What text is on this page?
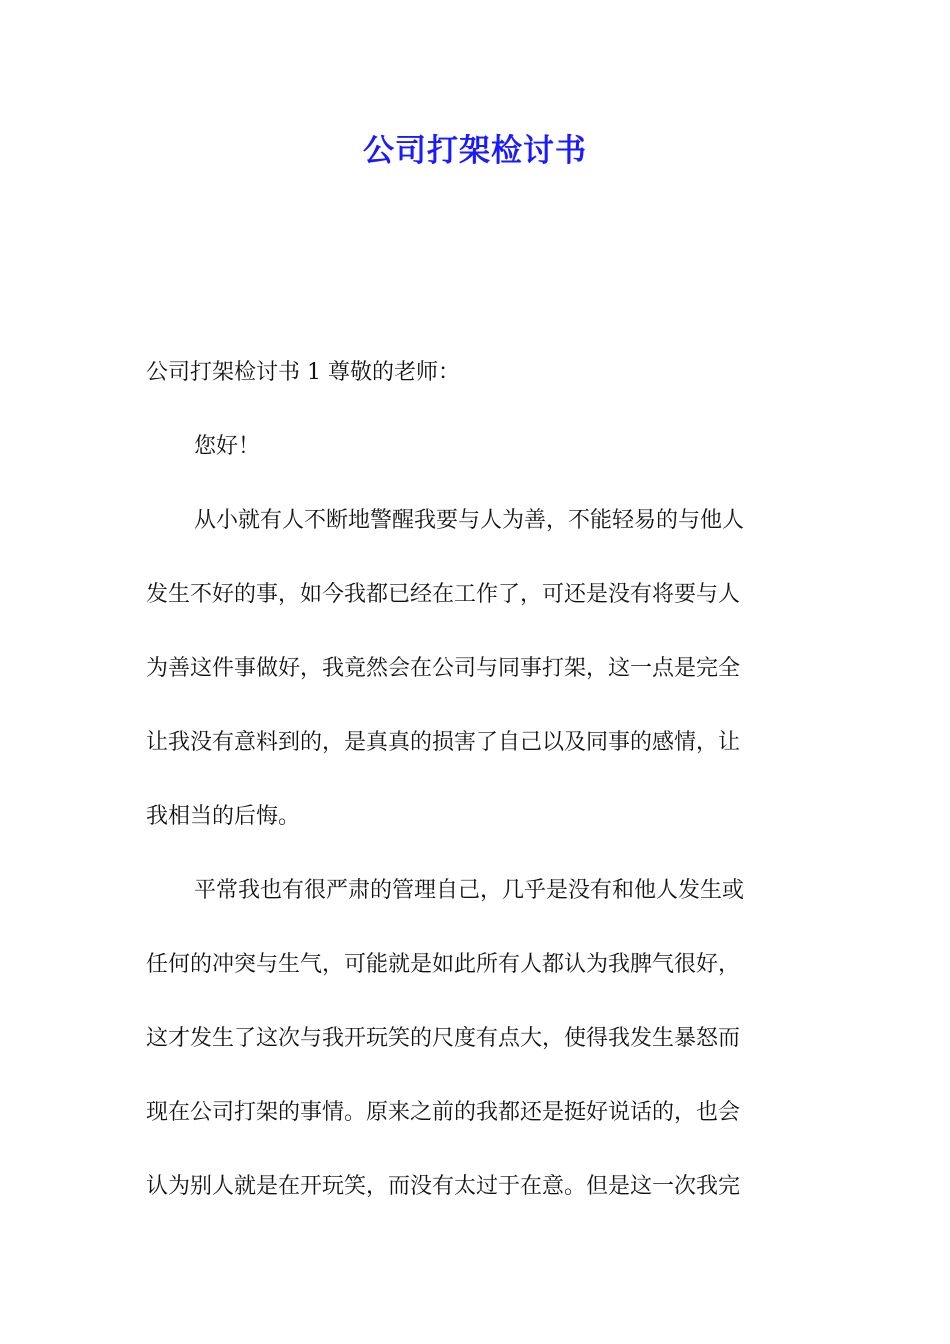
公司打架检讨书
公司打架检讨书 1 尊敬的老师：
您好！
从小就有人不断地警醒我要与人为善，不能轻易的与他人
发生不好的事，如今我都已经在工作了，可还是没有将要与人
为善这件事做好，我竟然会在公司与同事打架，这一点是完全
让我没有意料到的，是真真的损害了自己以及同事的感情，让
我相当的后悔。
平常我也有很严肃的管理自己，几乎是没有和他人发生或
任何的冲突与生气，可能就是如此所有人都认为我脾气很好，
这才发生了这次与我开玩笑的尺度有点大，使得我发生暴怒而
现在公司打架的事情。原来之前的我都还是挺好说话的，也会
认为别人就是在开玩笑，而没有太过于在意。但是这一次我完
